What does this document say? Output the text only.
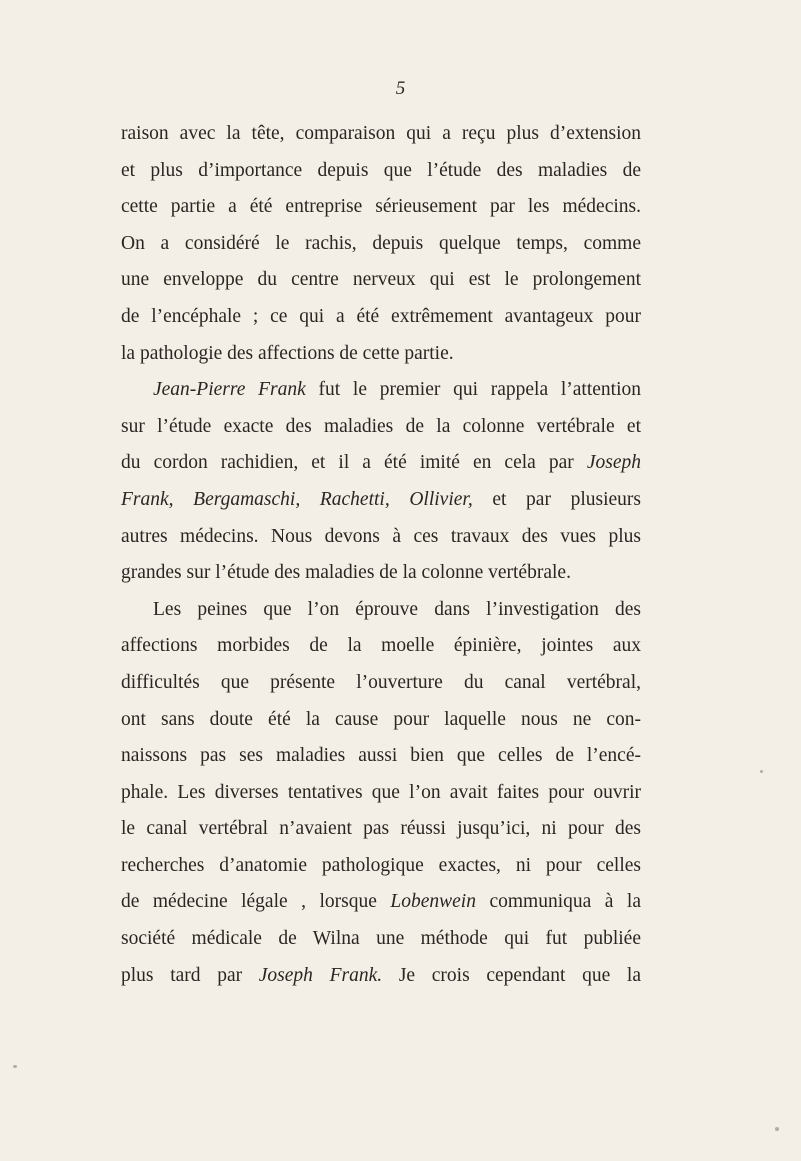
5
raison avec la tête, comparaison qui a reçu plus d’extension
et plus d’importance depuis que l’étude des maladies de
cette partie a été entreprise sérieusement par les médecins.
On a considéré le rachis, depuis quelque temps, comme
une enveloppe du centre nerveux qui est le prolongement
de l’encéphale ; ce qui a été extrêmement avantageux pour
la pathologie des affections de cette partie.
Jean-Pierre Frank fut le premier qui rappela l’attention
sur l’étude exacte des maladies de la colonne vertébrale et
du cordon rachidien, et il a été imité en cela par Joseph
Frank, Bergamaschi, Rachetti, Ollivier, et par plusieurs
autres médecins. Nous devons à ces travaux des vues plus
grandes sur l’étude des maladies de la colonne vertébrale.
Les peines que l’on éprouve dans l’investigation des
affections morbides de la moelle épinière, jointes aux
difficultés que présente l’ouverture du canal vertébral,
ont sans doute été la cause pour laquelle nous ne con-
naissons pas ses maladies aussi bien que celles de l’encé-
phale. Les diverses tentatives que l’on avait faites pour ouvrir
le canal vertébral n’avaient pas réussi jusqu’ici, ni pour des
recherches d’anatomie pathologique exactes, ni pour celles
de médecine légale , lorsque Lobenwein communiqua à la
société médicale de Wilna une méthode qui fut publiée
plus tard par Joseph Frank. Je crois cependant que la
